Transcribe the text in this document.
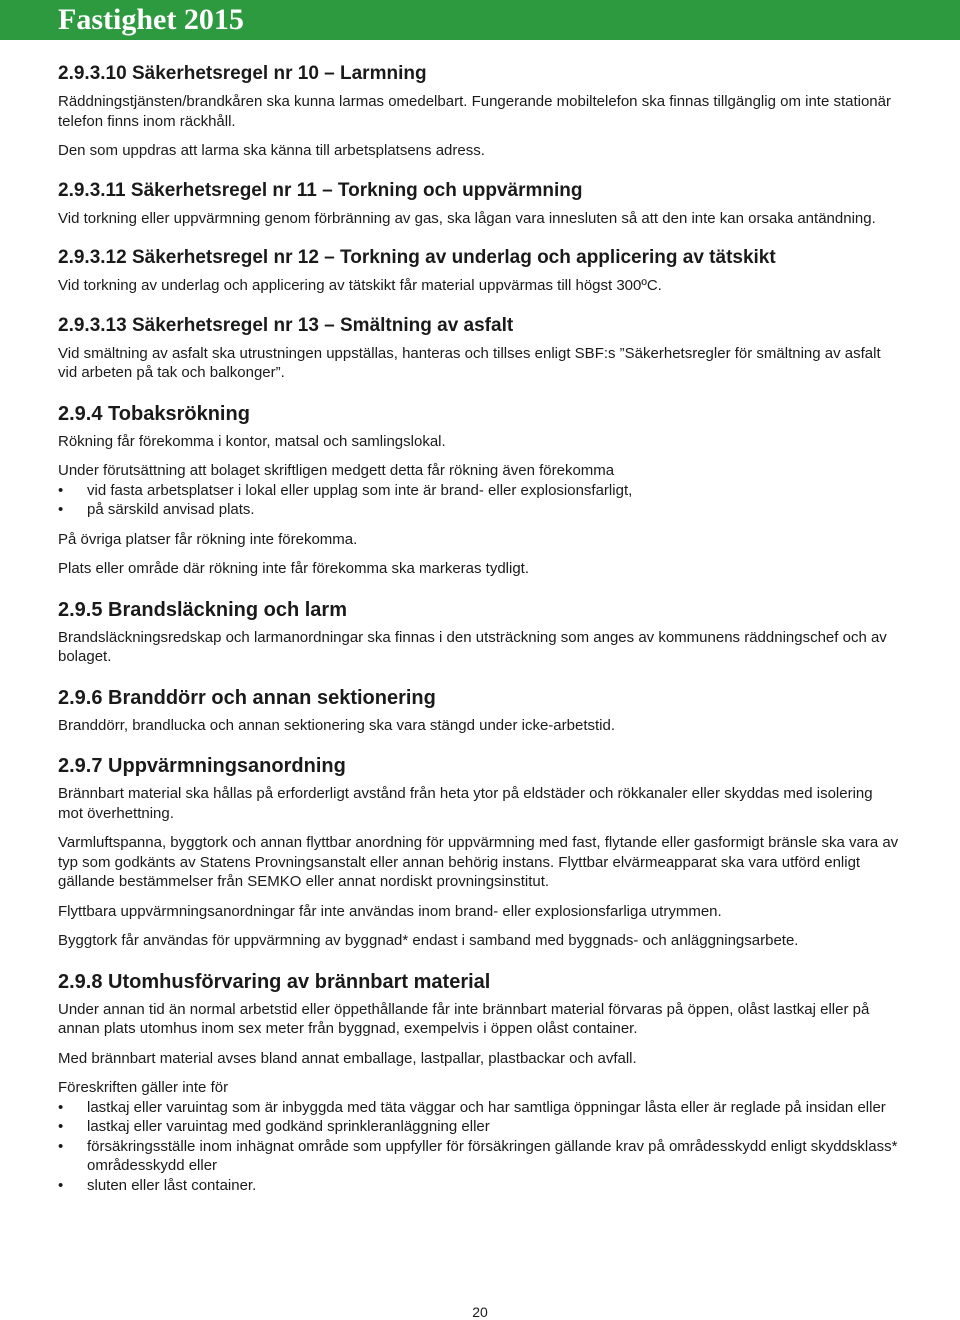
Fastighet 2015
2.9.3.10 Säkerhetsregel nr 10 – Larmning

Räddningstjänsten/brandkåren ska kunna larmas omedelbart. Fungerande mobiltelefon ska finnas tillgänglig om inte stationär telefon finns inom räckhåll.

Den som uppdras att larma ska känna till arbetsplatsens adress.

2.9.3.11 Säkerhetsregel nr 11 – Torkning och uppvärmning

Vid torkning eller uppvärmning genom förbränning av gas, ska lågan vara innesluten så att den inte kan orsaka antändning.

2.9.3.12 Säkerhetsregel nr 12 – Torkning av underlag och applicering av tätskikt

Vid torkning av underlag och applicering av tätskikt får material uppvärmas till högst 300ºC.

2.9.3.13 Säkerhetsregel nr 13 – Smältning av asfalt

Vid smältning av asfalt ska utrustningen uppställas, hanteras och tillses enligt SBF:s ”Säkerhetsregler för smältning av asfalt vid arbeten på tak och balkonger”.

2.9.4 Tobaksrökning

Rökning får förekomma i kontor, matsal och samlingslokal.

Under förutsättning att bolaget skriftligen medgett detta får rökning även förekomma

• vid fasta arbetsplatser i lokal eller upplag som inte är brand- eller explosionsfarligt,
• på särskild anvisad plats.

På övriga platser får rökning inte förekomma.

Plats eller område där rökning inte får förekomma ska markeras tydligt.

2.9.5 Brandsläckning och larm

Brandsläckningsredskap och larmanordningar ska finnas i den utsträckning som anges av kommunens räddningschef och av bolaget.

2.9.6 Branddörr och annan sektionering

Branddörr, brandlucka och annan sektionering ska vara stängd under icke-arbetstid.

2.9.7 Uppvärmningsanordning

Brännbart material ska hållas på erforderligt avstånd från heta ytor på eldstäder och rökkanaler eller skyddas med isolering mot överhettning.

Varmluftspanna, byggtork och annan flyttbar anordning för uppvärmning med fast, flytande eller gasformigt bränsle ska vara av typ som godkänts av Statens Provningsanstalt eller annan behörig instans. Flyttbar elvärmeapparat ska vara utförd enligt gällande bestämmelser från SEMKO eller annat nordiskt provningsinstitut.

Flyttbara uppvärmningsanordningar får inte användas inom brand- eller explosionsfarliga utrymmen.

Byggtork får användas för uppvärmning av byggnad* endast i samband med byggnads- och anläggningsarbete.

2.9.8 Utomhusförvaring av brännbart material

Under annan tid än normal arbetstid eller öppethållande får inte brännbart material förvaras på öppen, olåst lastkaj eller på annan plats utomhus inom sex meter från byggnad, exempelvis i öppen olåst container.

Med brännbart material avses bland annat emballage, lastpallar, plastbackar och avfall.

Föreskriften gäller inte för

• lastkaj eller varuintag som är inbyggda med täta väggar och har samtliga öppningar låsta eller är reglade på insidan eller
• lastkaj eller varuintag med godkänd sprinkleranläggning eller
• försäkringsställe inom inhägnat område som uppfyller för försäkringen gällande krav på områdesskydd enligt skyddsklass* områdesskydd eller
• sluten eller låst container.
20
